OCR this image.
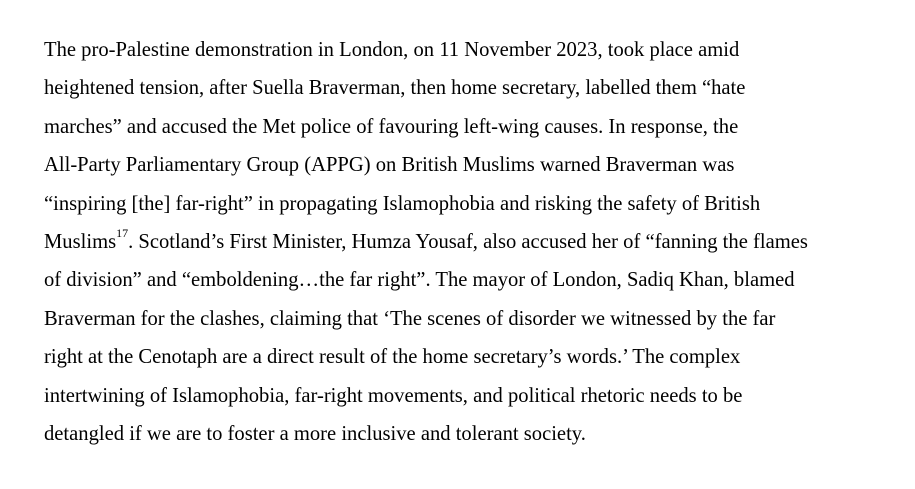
The pro-Palestine demonstration in London, on 11 November 2023, took place amid
heightened tension, after Suella Braverman, then home secretary, labelled them “hate
marches” and accused the Met police of favouring left-wing causes. In response, the
All-Party Parliamentary Group (APPG) on British Muslims warned Braverman was
“inspiring [the] far-right” in propagating Islamophobia and risking the safety of British
Muslims$^{17}$. Scotland’s First Minister, Humza Yousaf, also accused her of “fanning the flames
of division” and “emboldening…the far right”. The mayor of London, Sadiq Khan, blamed
Braverman for the clashes, claiming that ‘The scenes of disorder we witnessed by the far
right at the Cenotaph are a direct result of the home secretary’s words.’ The complex
intertwining of Islamophobia, far-right movements, and political rhetoric needs to be
detangled if we are to foster a more inclusive and tolerant society.
